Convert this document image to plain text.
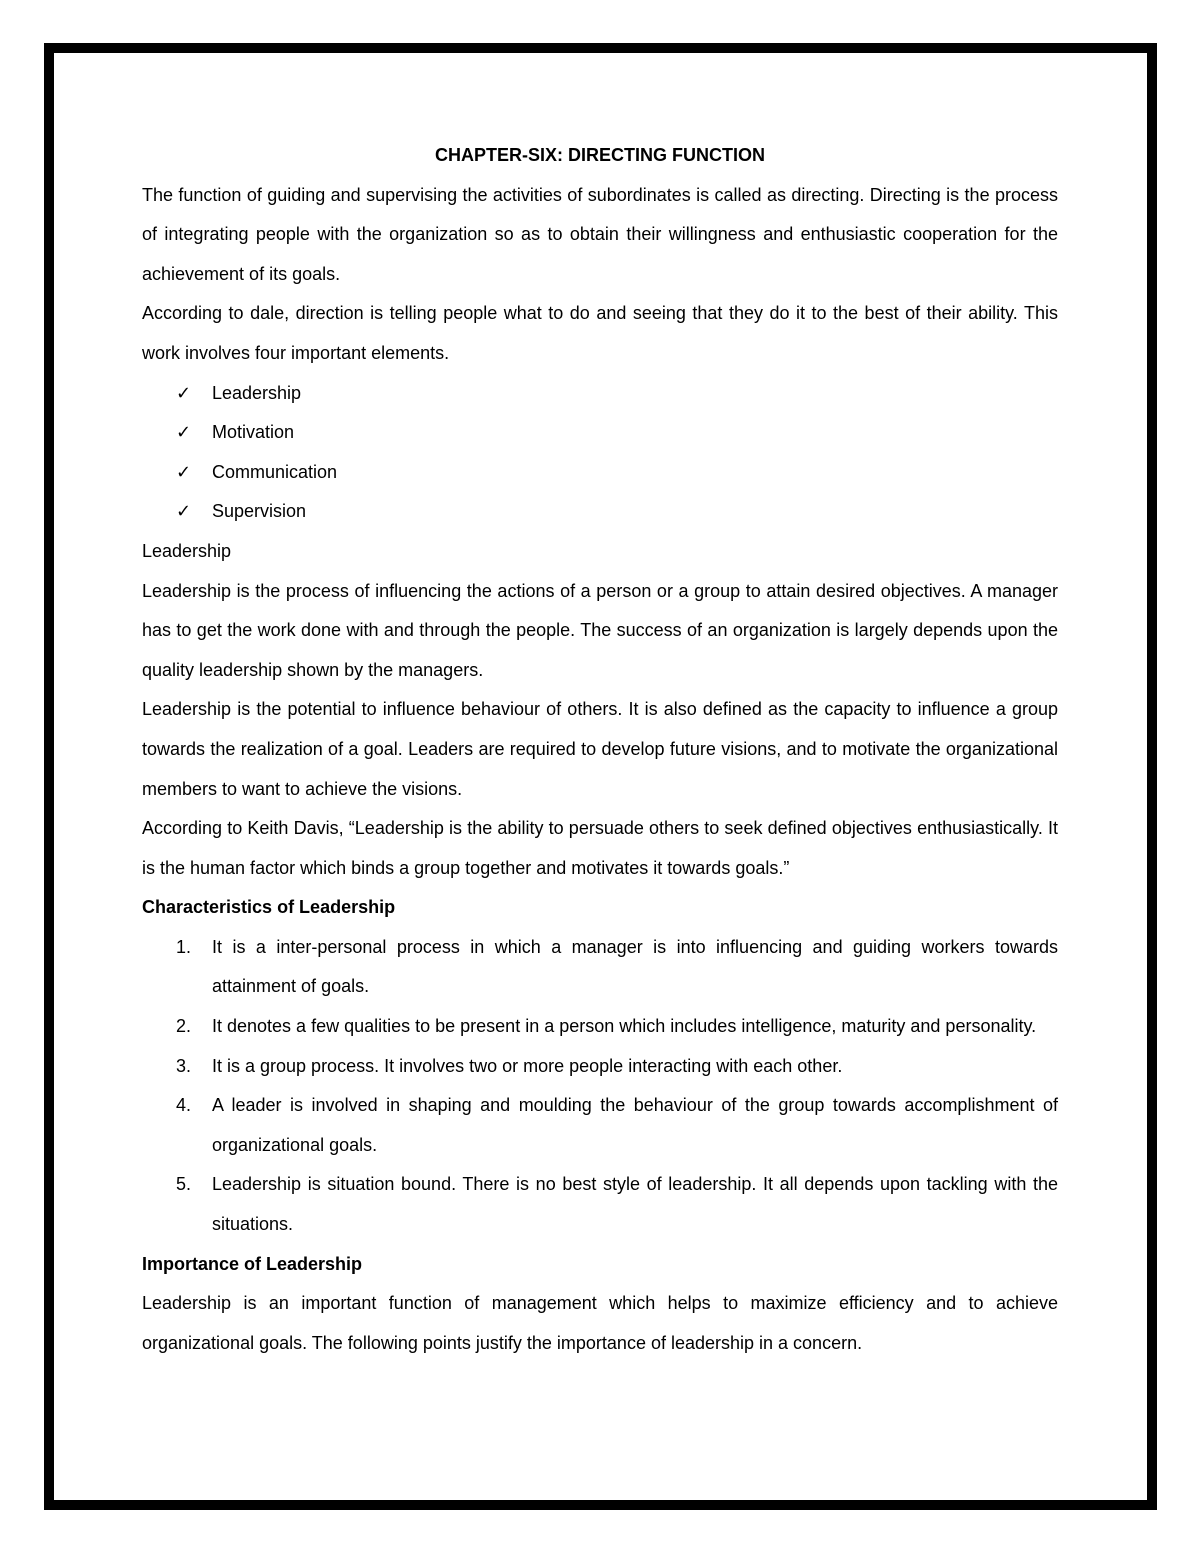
CHAPTER-SIX: DIRECTING FUNCTION

The function of guiding and supervising the activities of subordinates is called as directing. Directing is the process of integrating people with the organization so as to obtain their willingness and enthusiastic cooperation for the achievement of its goals.

According to dale, direction is telling people what to do and seeing that they do it to the best of their ability. This work involves four important elements.

✓ Leadership
✓ Motivation
✓ Communication
✓ Supervision
Leadership

Leadership is the process of influencing the actions of a person or a group to attain desired objectives. A manager has to get the work done with and through the people. The success of an organization is largely depends upon the quality leadership shown by the managers.

Leadership is the potential to influence behaviour of others. It is also defined as the capacity to influence a group towards the realization of a goal. Leaders are required to develop future visions, and to motivate the organizational members to want to achieve the visions.

According to Keith Davis, “Leadership is the ability to persuade others to seek defined objectives enthusiastically. It is the human factor which binds a group together and motivates it towards goals.”

Characteristics of Leadership
1. It is a inter-personal process in which a manager is into influencing and guiding workers towards attainment of goals.
2. It denotes a few qualities to be present in a person which includes intelligence, maturity and personality.
3. It is a group process. It involves two or more people interacting with each other.
4. A leader is involved in shaping and moulding the behaviour of the group towards accomplishment of organizational goals.
5. Leadership is situation bound. There is no best style of leadership. It all depends upon tackling with the situations.
Importance of Leadership

Leadership is an important function of management which helps to maximize efficiency and to achieve organizational goals. The following points justify the importance of leadership in a concern.
